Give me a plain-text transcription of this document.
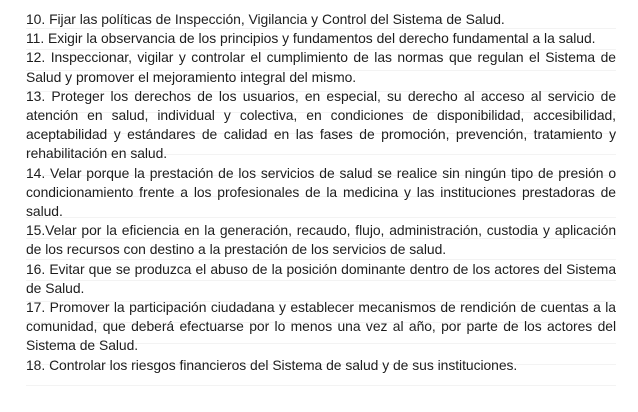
10. Fijar las políticas de Inspección, Vigilancia y Control del Sistema de Salud.

11. Exigir la observancia de los principios y fundamentos del derecho fundamental a la salud.

12. Inspeccionar, vigilar y controlar el cumplimiento de las normas que regulan el Sistema de Salud y promover el mejoramiento integral del mismo.

13. Proteger los derechos de los usuarios, en especial, su derecho al acceso al servicio de atención en salud, individual y colectiva, en condiciones de disponibilidad, accesibilidad, aceptabilidad y estándares de calidad en las fases de promoción, prevención, tratamiento y rehabilitación en salud.

14. Velar porque la prestación de los servicios de salud se realice sin ningún tipo de presión o condicionamiento frente a los profesionales de la medicina y las instituciones prestadoras de salud.

15.Velar por la eficiencia en la generación, recaudo, flujo, administración, custodia y aplicación de los recursos con destino a la prestación de los servicios de salud.

16. Evitar que se produzca el abuso de la posición dominante dentro de los actores del Sistema de Salud.

17. Promover la participación ciudadana y establecer mecanismos de rendición de cuentas a la comunidad, que deberá efectuarse por lo menos una vez al año, por parte de los actores del Sistema de Salud.

18. Controlar los riesgos financieros del Sistema de salud y de sus instituciones.
